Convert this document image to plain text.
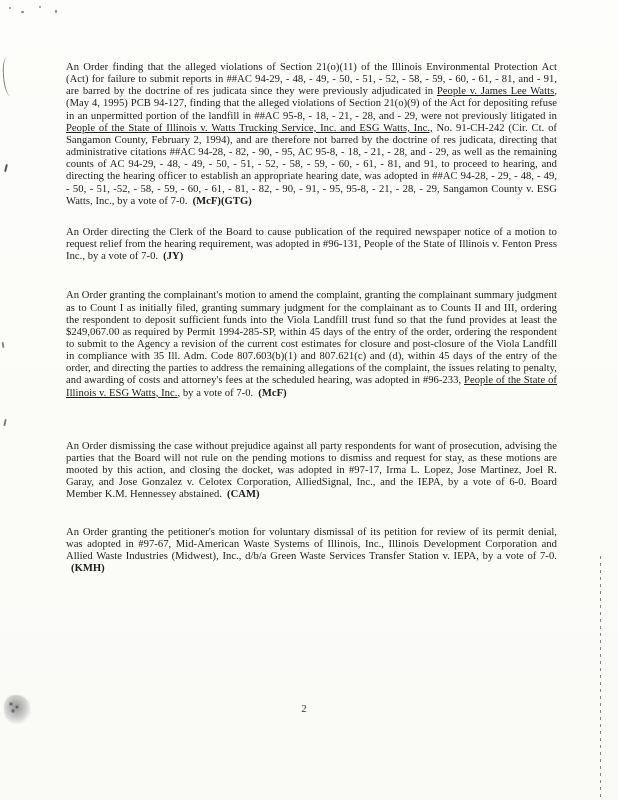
An Order finding that the alleged violations of Section 21(o)(11) of the Illinois Environmental Protection Act (Act) for failure to submit reports in ##AC 94-29, - 48, - 49, - 50, - 51, - 52, - 58, - 59, - 60, - 61, - 81, and - 91, are barred by the doctrine of res judicata since they were previously adjudicated in People v. James Lee Watts, (May 4, 1995) PCB 94-127, finding that the alleged violations of Section 21(o)(9) of the Act for depositing refuse in an unpermitted portion of the landfill in ##AC 95-8, - 18, - 21, - 28, and - 29, were not previously litigated in People of the State of Illinois v. Watts Trucking Service, Inc. and ESG Watts, Inc., No. 91-CH-242 (Cir. Ct. of Sangamon County, February 2, 1994), and are therefore not barred by the doctrine of res judicata, directing that administrative citations ##AC 94-28, - 82, - 90, - 95, AC 95-8, - 18, - 21, - 28, and - 29, as well as the remaining counts of AC 94-29, - 48, - 49, - 50, - 51, - 52, - 58, - 59, - 60, - 61, - 81, and 91, to proceed to hearing, and directing the hearing officer to establish an appropriate hearing date, was adopted in ##AC 94-28, - 29, - 48, - 49, - 50, - 51, -52, - 58, - 59, - 60, - 61, - 81, - 82, - 90, - 91, - 95, 95-8, - 21, - 28, - 29, Sangamon County v. ESG Watts, Inc., by a vote of 7-0. (McF)(GTG)

An Order directing the Clerk of the Board to cause publication of the required newspaper notice of a motion to request relief from the hearing requirement, was adopted in #96-131, People of the State of Illinois v. Fenton Press Inc., by a vote of 7-0. (JY)

An Order granting the complainant's motion to amend the complaint, granting the complainant summary judgment as to Count I as initially filed, granting summary judgment for the complainant as to Counts II and III, ordering the respondent to deposit sufficient funds into the Viola Landfill trust fund so that the fund provides at least the $249,067.00 as required by Permit 1994-285-SP, within 45 days of the entry of the order, ordering the respondent to submit to the Agency a revision of the current cost estimates for closure and post-closure of the Viola Landfill in compliance with 35 Ill. Adm. Code 807.603(b)(1) and 807.621(c) and (d), within 45 days of the entry of the order, and directing the parties to address the remaining allegations of the complaint, the issues relating to penalty, and awarding of costs and attorney's fees at the scheduled hearing, was adopted in #96-233, People of the State of Illinois v. ESG Watts, Inc., by a vote of 7-0. (McF)

An Order dismissing the case without prejudice against all party respondents for want of prosecution, advising the parties that the Board will not rule on the pending motions to dismiss and request for stay, as these motions are mooted by this action, and closing the docket, was adopted in #97-17, Irma L. Lopez, Jose Martinez, Joel R. Garay, and Jose Gonzalez v. Celotex Corporation, AlliedSignal, Inc., and the IEPA, by a vote of 6-0. Board Member K.M. Hennessey abstained. (CAM)

An Order granting the petitioner's motion for voluntary dismissal of its petition for review of its permit denial, was adopted in #97-67, Mid-American Waste Systems of Illinois, Inc., Illinois Development Corporation and Allied Waste Industries (Midwest), Inc., d/b/a Green Waste Services Transfer Station v. IEPA, by a vote of 7-0.(KMH)

2
